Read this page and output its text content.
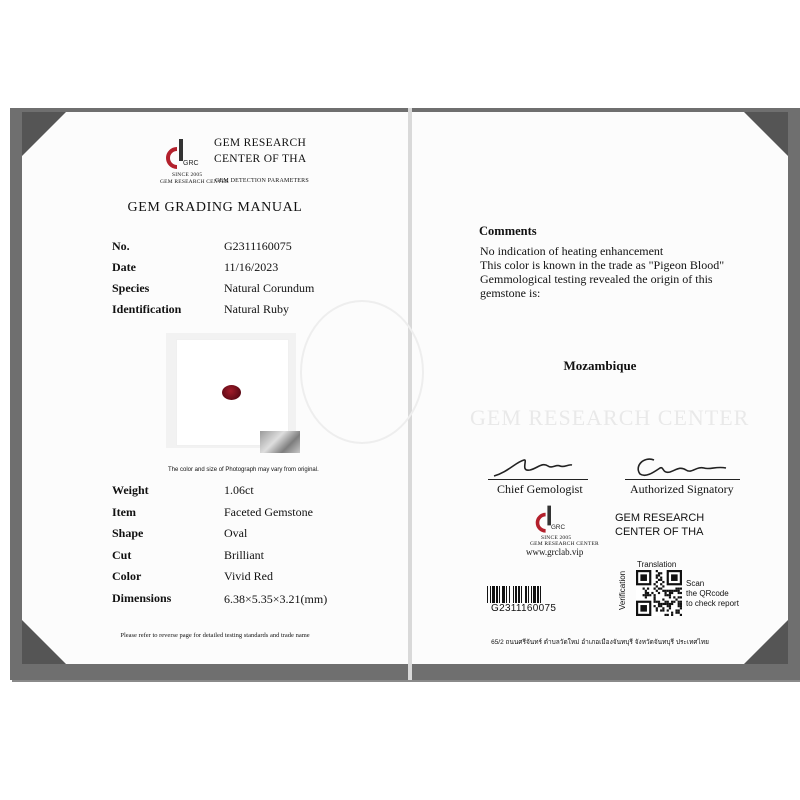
GRC
SINCE 2005
GEM RESEARCH CENTER
GEM RESEARCH
CENTER OF THA
GEM DETECTION PARAMETERS
GEM GRADING MANUAL
No.	G2311160075
Date	11/16/2023
Species	Natural Corundum
Identification	Natural Ruby
The color and size of Photograph may vary from original.
Weight	1.06ct
Item	Faceted Gemstone
Shape	Oval
Cut	Brilliant
Color	Vivid Red
Dimensions	6.38×5.35×3.21(mm)
Please refer to reverse page for detailed testing standards and trade name
GEM RESEARCH CENTER
Comments
No indication of heating enhancement
This color is known in the trade as "Pigeon Blood"
Gemmological testing revealed the origin of this
gemstone is:
Mozambique
Chief Gemologist	Authorized Signatory
GRC
SINCE 2005
GEM RESEARCH CENTER
www.grclab.vip
GEM RESEARCH
CENTER OF THA
G2311160075
Translation
Verification	Scan
the QRcode
to check report
65/2 ถนนศรีจันทร์ ตำบลวัดใหม่ อำเภอเมืองจันทบุรี จังหวัดจันทบุรี ประเทศไทย
